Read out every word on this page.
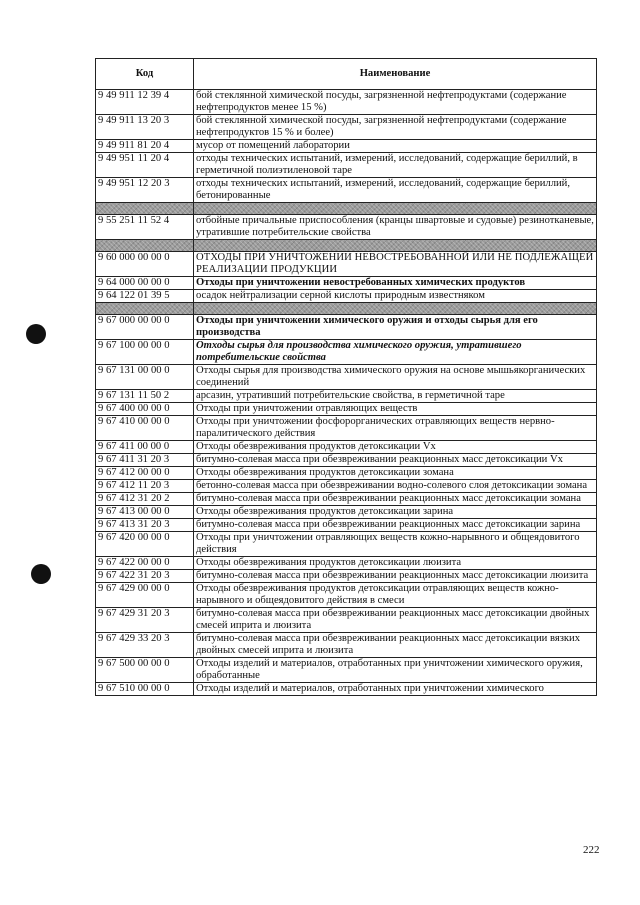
Код	Наименование
9 49 911 12 39 4	бой стеклянной химической посуды, загрязненной нефтепродуктами (содержание нефтепродуктов менее 15 %)
9 49 911 13 20 3	бой стеклянной химической посуды, загрязненной нефтепродуктами (содержание нефтепродуктов 15 % и более)
9 49 911 81 20 4	мусор от помещений лаборатории
9 49 951 11 20 4	отходы технических испытаний, измерений, исследований, содержащие бериллий, в герметичной полиэтиленовой таре
9 49 951 12 20 3	отходы технических испытаний, измерений, исследований, содержащие бериллий, бетонированные

9 55 251 11 52 4	отбойные причальные приспособления (кранцы швартовые и судовые) резинотканевые, утратившие потребительские свойства

9 60 000 00 00 0	ОТХОДЫ ПРИ УНИЧТОЖЕНИИ НЕВОСТРЕБОВАННОЙ ИЛИ НЕ ПОДЛЕЖАЩЕЙ РЕАЛИЗАЦИИ ПРОДУКЦИИ
9 64 000 00 00 0	Отходы при уничтожении невостребованных химических продуктов
9 64 122 01 39 5	осадок нейтрализации серной кислоты природным известняком

9 67 000 00 00 0	Отходы при уничтожении химического оружия и отходы сырья для его производства
9 67 100 00 00 0	Отходы сырья для производства химического оружия, утратившего потребительские свойства
9 67 131 00 00 0	Отходы сырья для производства химического оружия на основе мышьякорганических соединений
9 67 131 11 50 2	арсазин, утративший потребительские свойства, в герметичной таре
9 67 400 00 00 0	Отходы при уничтожении отравляющих веществ
9 67 410 00 00 0	Отходы при уничтожении фосфорорганических отравляющих веществ нервно-паралитического действия
9 67 411 00 00 0	Отходы обезвреживания продуктов детоксикации Vx
9 67 411 31 20 3	битумно-солевая масса при обезвреживании реакционных масс детоксикации Vx
9 67 412 00 00 0	Отходы обезвреживания продуктов детоксикации зомана
9 67 412 11 20 3	бетонно-солевая масса при обезвреживании водно-солевого слоя детоксикации зомана
9 67 412 31 20 2	битумно-солевая масса при обезвреживании реакционных масс детоксикации зомана
9 67 413 00 00 0	Отходы обезвреживания продуктов детоксикации зарина
9 67 413 31 20 3	битумно-солевая масса при обезвреживании реакционных масс детоксикации зарина
9 67 420 00 00 0	Отходы при уничтожении отравляющих веществ кожно-нарывного и общеядовитого действия
9 67 422 00 00 0	Отходы обезвреживания продуктов детоксикации люизита
9 67 422 31 20 3	битумно-солевая масса при обезвреживании реакционных масс детоксикации люизита
9 67 429 00 00 0	Отходы обезвреживания продуктов детоксикации отравляющих веществ кожно-нарывного и общеядовитого действия в смеси
9 67 429 31 20 3	битумно-солевая масса при обезвреживании реакционных масс детоксикации двойных смесей иприта и люизита
9 67 429 33 20 3	битумно-солевая масса при обезвреживании реакционных масс детоксикации вязких двойных смесей иприта и люизита
9 67 500 00 00 0	Отходы изделий и материалов, отработанных при уничтожении химического оружия, обработанные
9 67 510 00 00 0	Отходы изделий и материалов, отработанных при уничтожении химического
222
